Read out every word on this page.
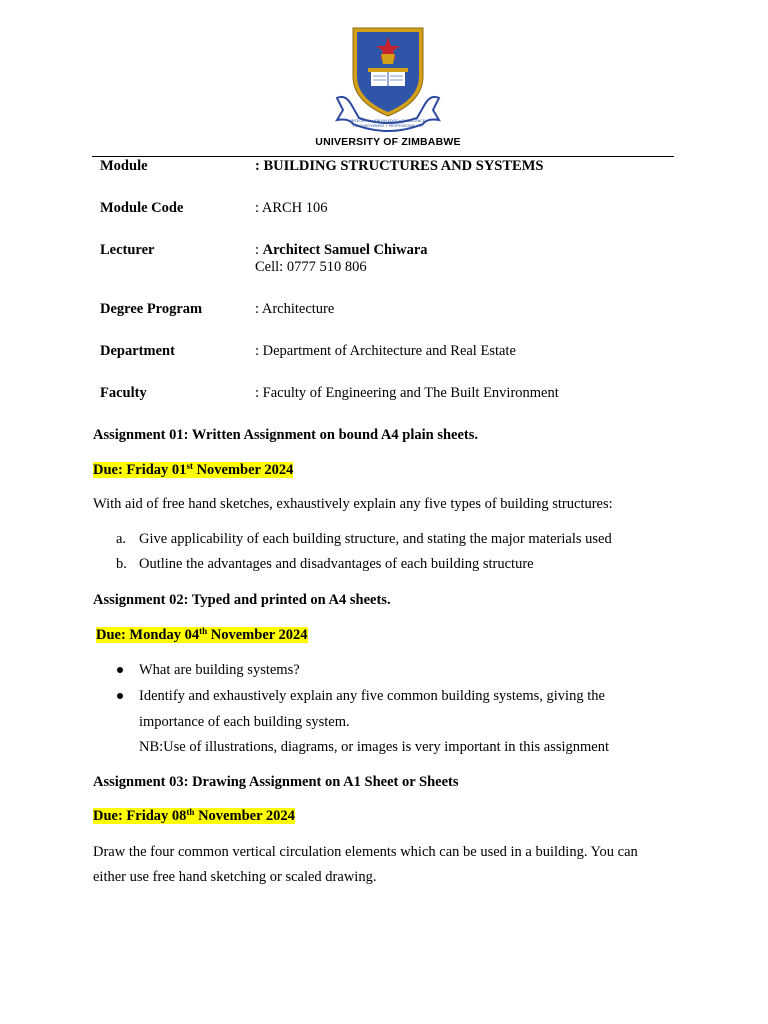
INTEGRITY • KNOWLEDGE • EXCELLENCE
INNOVATIVENESS • PROFESSIONALISM
UNIVERSITY OF ZIMBABWE
Module	: BUILDING STRUCTURES AND SYSTEMS
Module Code	: ARCH 106
Lecturer	: Architect Samuel Chiwara
Cell: 0777 510 806
Degree Program	: Architecture
Department	: Department of Architecture and Real Estate
Faculty	: Faculty of Engineering and The Built Environment
Assignment 01: Written Assignment on bound A4 plain sheets.
Due: Friday 01st November 2024
With aid of free hand sketches, exhaustively explain any five types of building structures:
a. Give applicability of each building structure, and stating the major materials used
b. Outline the advantages and disadvantages of each building structure
Assignment 02: Typed and printed on A4 sheets.
Due: Monday 04th November 2024
What are building systems?
Identify and exhaustively explain any five common building systems, giving the
importance of each building system.
NB:Use of illustrations, diagrams, or images is very important in this assignment
Assignment 03: Drawing Assignment on A1 Sheet or Sheets
Due: Friday 08th November 2024
Draw the four common vertical circulation elements which can be used in a building. You can
either use free hand sketching or scaled drawing.
